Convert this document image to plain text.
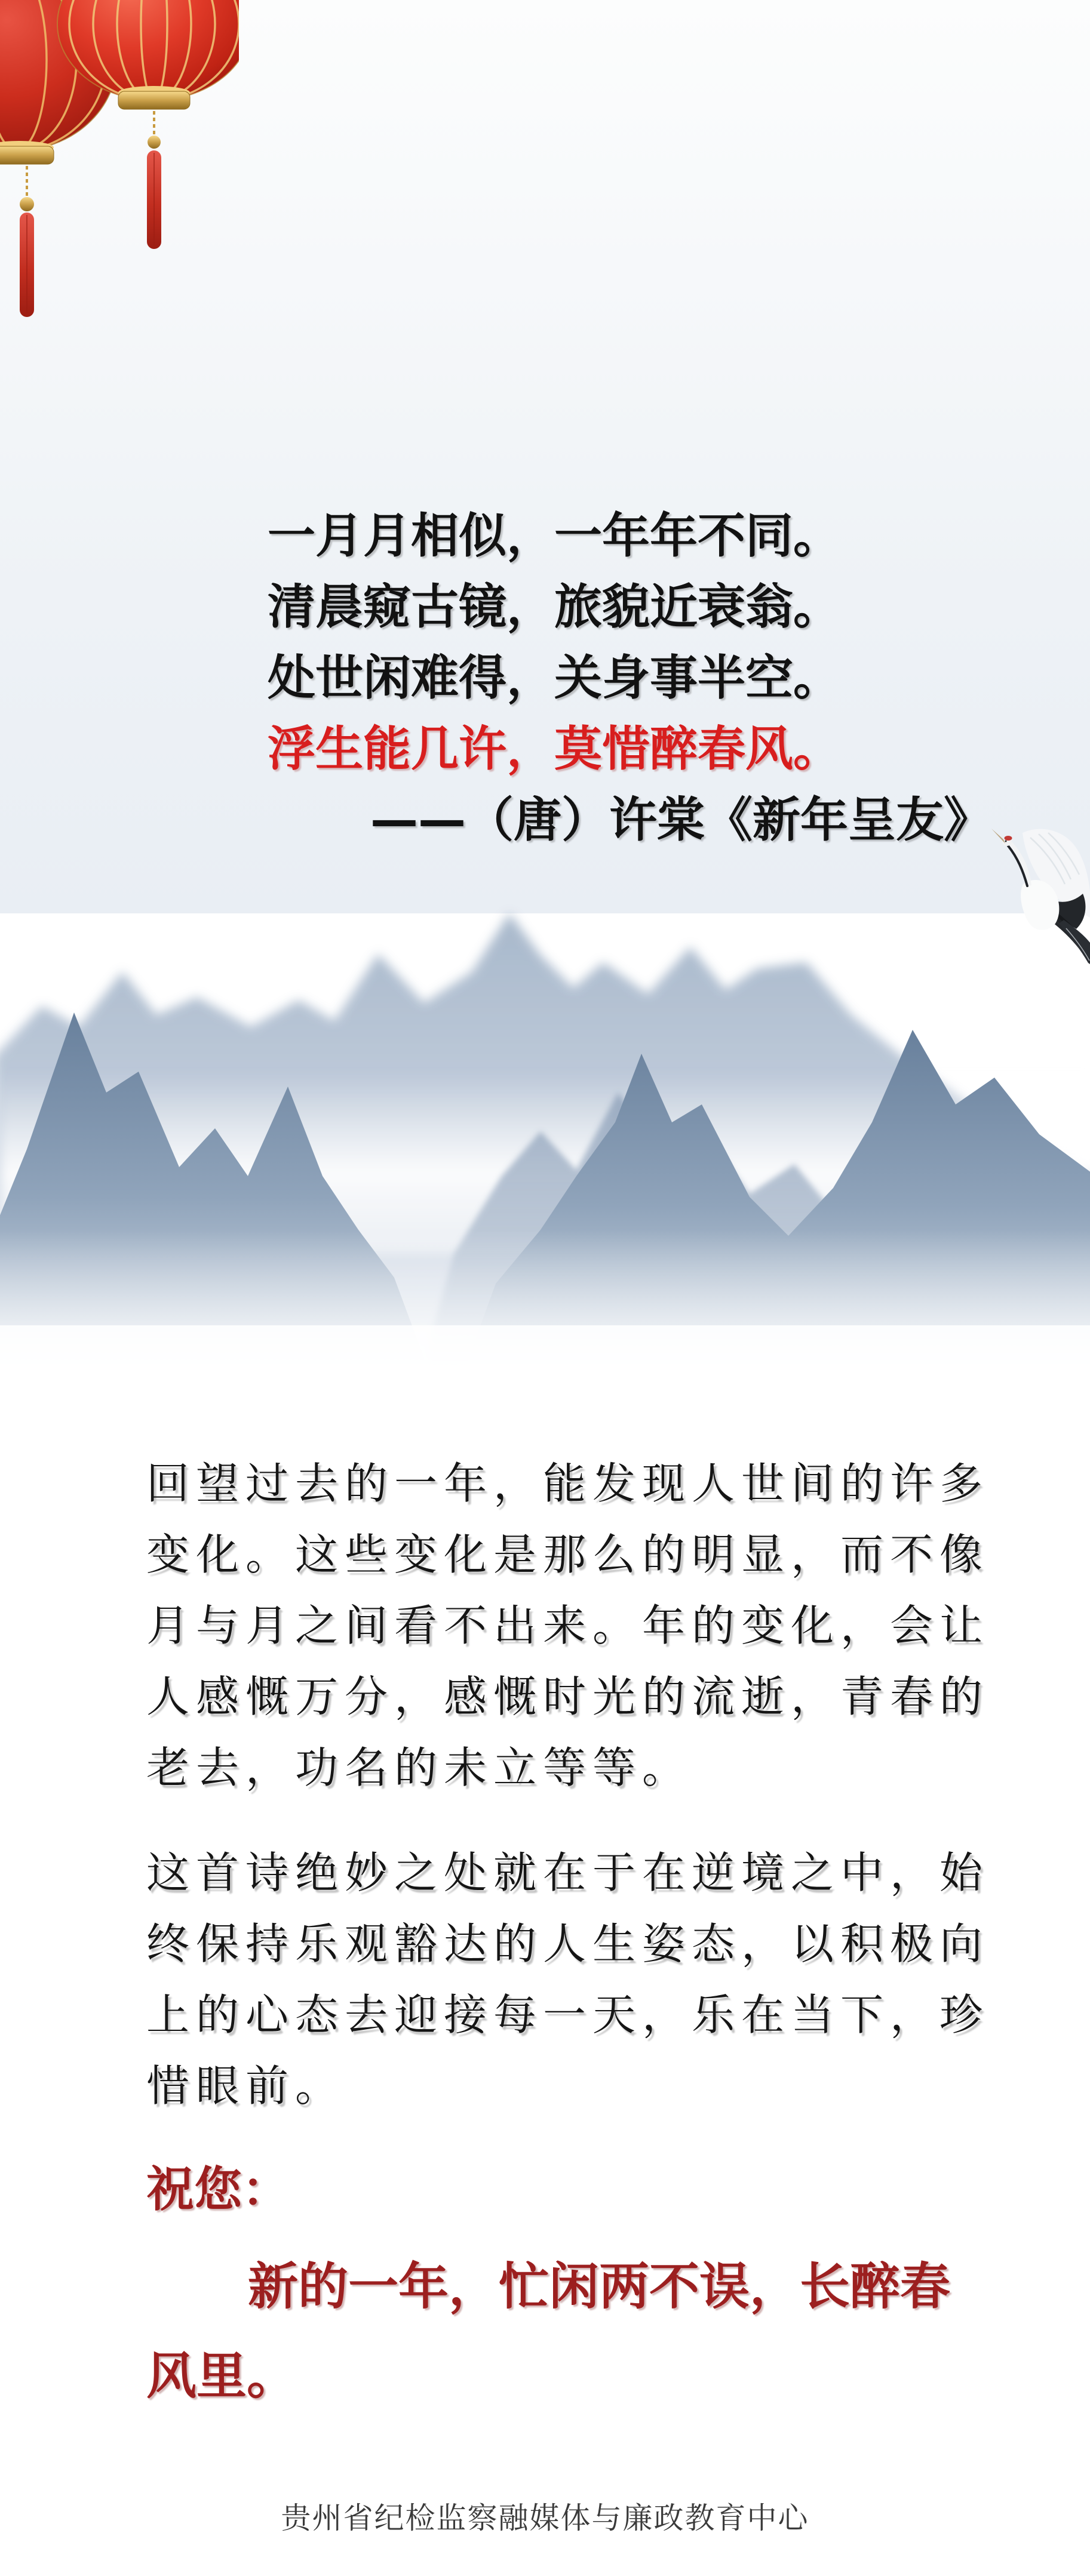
一月月相似，一年年不同。
清晨窥古镜，旅貌近衰翁。
处世闲难得，关身事半空。
浮生能几许，莫惜醉春风。
——（唐）许棠《新年呈友》
回望过去的一年，能发现人世间的许多
变化。这些变化是那么的明显，而不像
月与月之间看不出来。年的变化，会让
人感慨万分，感慨时光的流逝，青春的
老去，功名的未立等等。
这首诗绝妙之处就在于在逆境之中，始
终保持乐观豁达的人生姿态，以积极向
上的心态去迎接每一天，乐在当下，珍
惜眼前。
祝您：
新的一年，忙闲两不误，长醉春
风里。
贵州省纪检监察融媒体与廉政教育中心
